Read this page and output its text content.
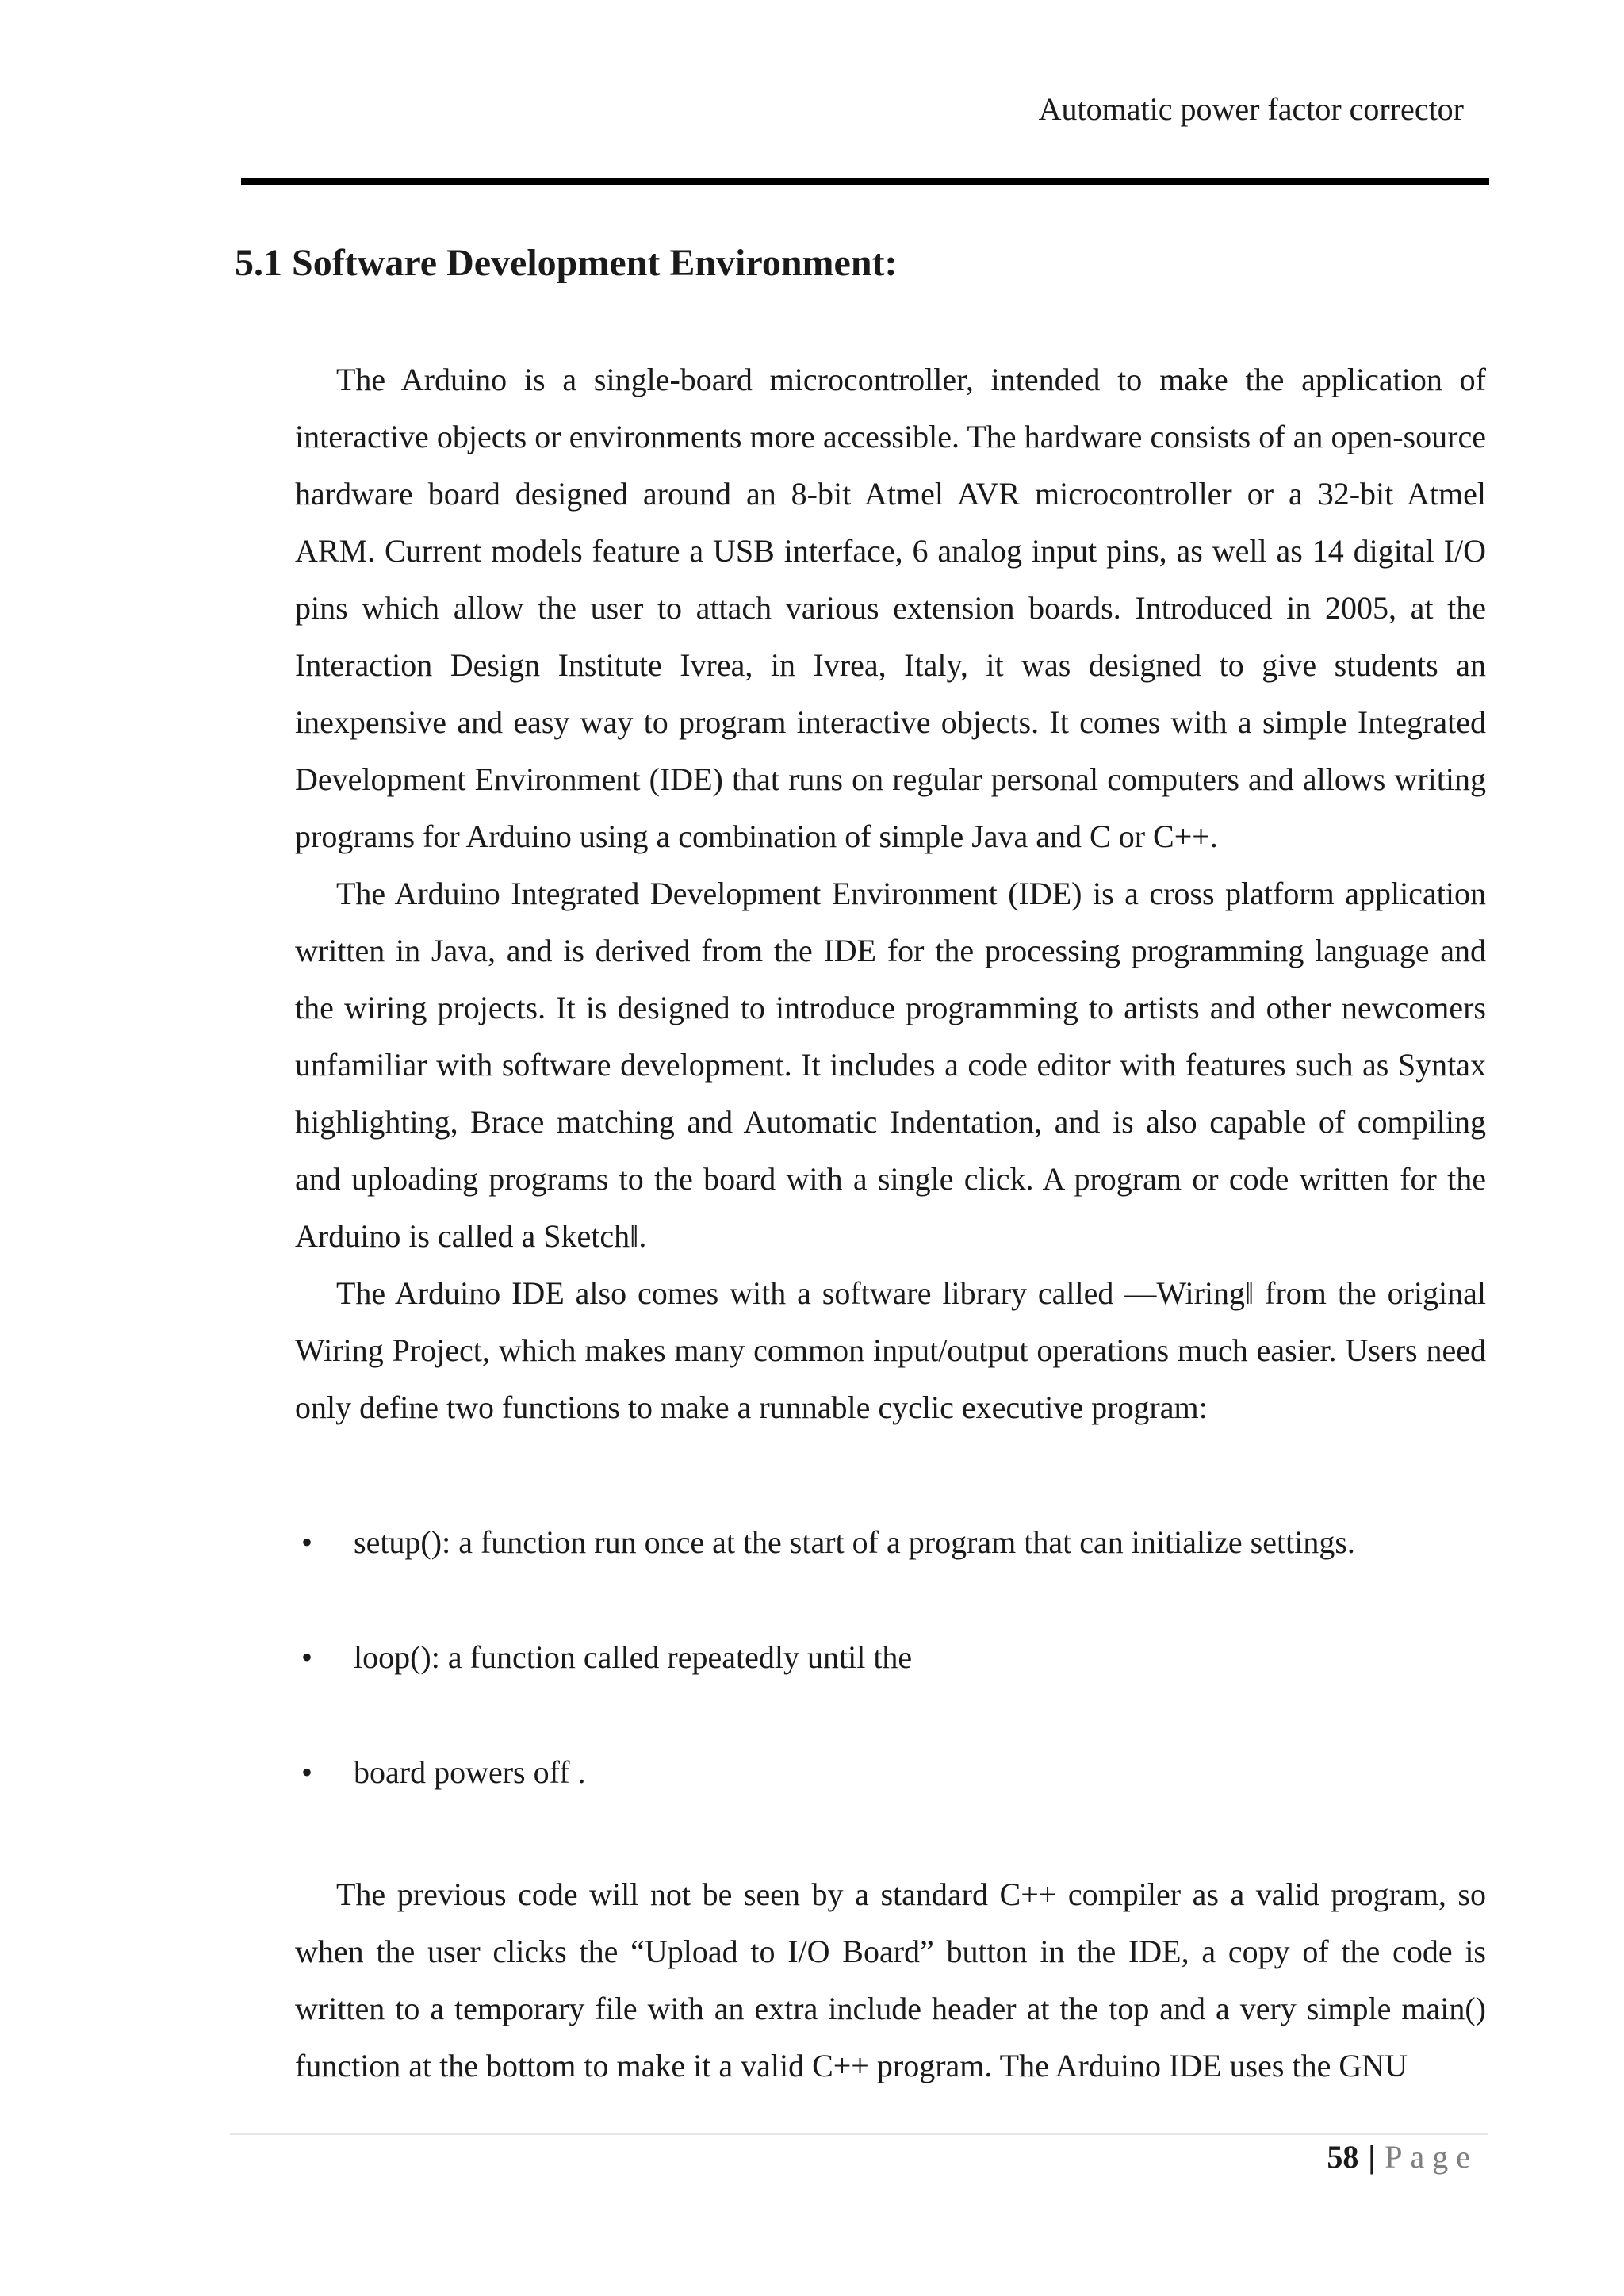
Automatic power factor corrector
5.1 Software Development Environment:

The Arduino is a single-board microcontroller, intended to make the application of interactive objects or environments more accessible. The hardware consists of an open-source hardware board designed around an 8-bit Atmel AVR microcontroller or a 32-bit Atmel ARM. Current models feature a USB interface, 6 analog input pins, as well as 14 digital I/O pins which allow the user to attach various extension boards. Introduced in 2005, at the Interaction Design Institute Ivrea, in Ivrea, Italy, it was designed to give students an inexpensive and easy way to program interactive objects. It comes with a simple Integrated Development Environment (IDE) that runs on regular personal computers and allows writing programs for Arduino using a combination of simple Java and C or C++.

The Arduino Integrated Development Environment (IDE) is a cross platform application written in Java, and is derived from the IDE for the processing programming language and the wiring projects. It is designed to introduce programming to artists and other newcomers unfamiliar with software development. It includes a code editor with features such as Syntax highlighting, Brace matching and Automatic Indentation, and is also capable of compiling and uploading programs to the board with a single click. A program or code written for the Arduino is called a Sketch‖.

The Arduino IDE also comes with a software library called ―Wiring‖ from the original Wiring Project, which makes many common input/output operations much easier. Users need only define two functions to make a runnable cyclic executive program:

• setup(): a function run once at the start of a program that can initialize settings.
• loop(): a function called repeatedly until the
• board powers off .

The previous code will not be seen by a standard C++ compiler as a valid program, so when the user clicks the “Upload to I/O Board” button in the IDE, a copy of the code is written to a temporary file with an extra include header at the top and a very simple main() function at the bottom to make it a valid C++ program. The Arduino IDE uses the GNU

58 | Page
